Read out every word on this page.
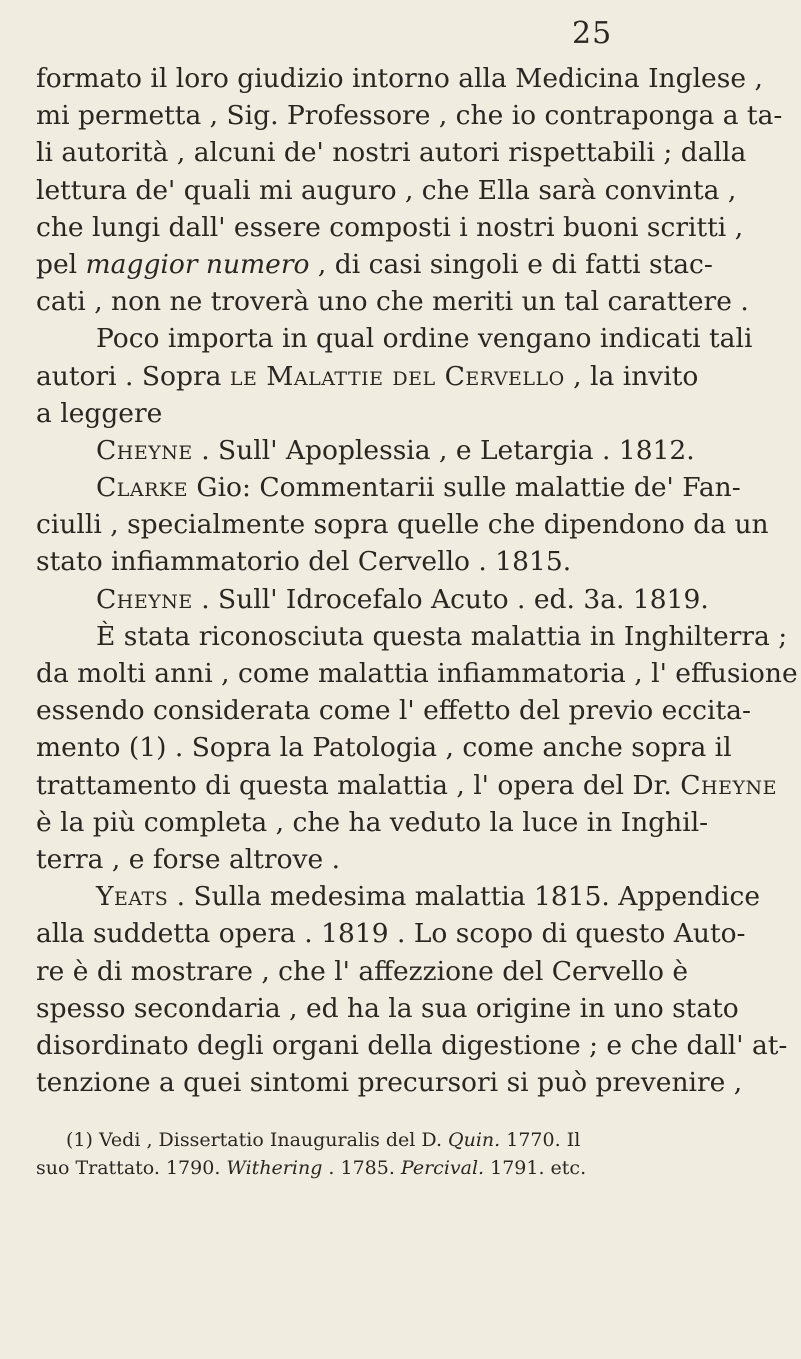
25
formato il loro giudizio intorno alla Medicina Inglese ,
mi permetta , Sig. Professore , che io contraponga a ta-
li autorità , alcuni de' nostri autori rispettabili ; dalla
lettura de' quali mi auguro , che Ella sarà convinta ,
che lungi dall' essere composti i nostri buoni scritti ,
pel maggior numero , di casi singoli e di fatti stac-
cati , non ne troverà uno che meriti un tal carattere .
Poco importa in qual ordine vengano indicati tali
autori . Sopra le Malattie del Cervello , la invito
a leggere
Cheyne . Sull' Apoplessia , e Letargia . 1812.
Clarke Gio: Commentarii sulle malattie de' Fan-
ciulli , specialmente sopra quelle che dipendono da un
stato infiammatorio del Cervello . 1815.
Cheyne . Sull' Idrocefalo Acuto . ed. 3a. 1819.
È stata riconosciuta questa malattia in Inghilterra ;
da molti anni , come malattia infiammatoria , l' effusione
essendo considerata come l' effetto del previo eccita-
mento (1) . Sopra la Patologia , come anche sopra il
trattamento di questa malattia , l' opera del Dr. Cheyne
è la più completa , che ha veduto la luce in Inghil-
terra , e forse altrove .
Yeats . Sulla medesima malattia 1815. Appendice
alla suddetta opera . 1819 . Lo scopo di questo Auto-
re è di mostrare , che l' affezzione del Cervello è
spesso secondaria , ed ha la sua origine in uno stato
disordinato degli organi della digestione ; e che dall' at-
tenzione a quei sintomi precursori si può prevenire ,
(1) Vedi , Dissertatio Inauguralis del D. Quin. 1770. Il
suo Trattato. 1790. Withering . 1785. Percival. 1791. etc.
